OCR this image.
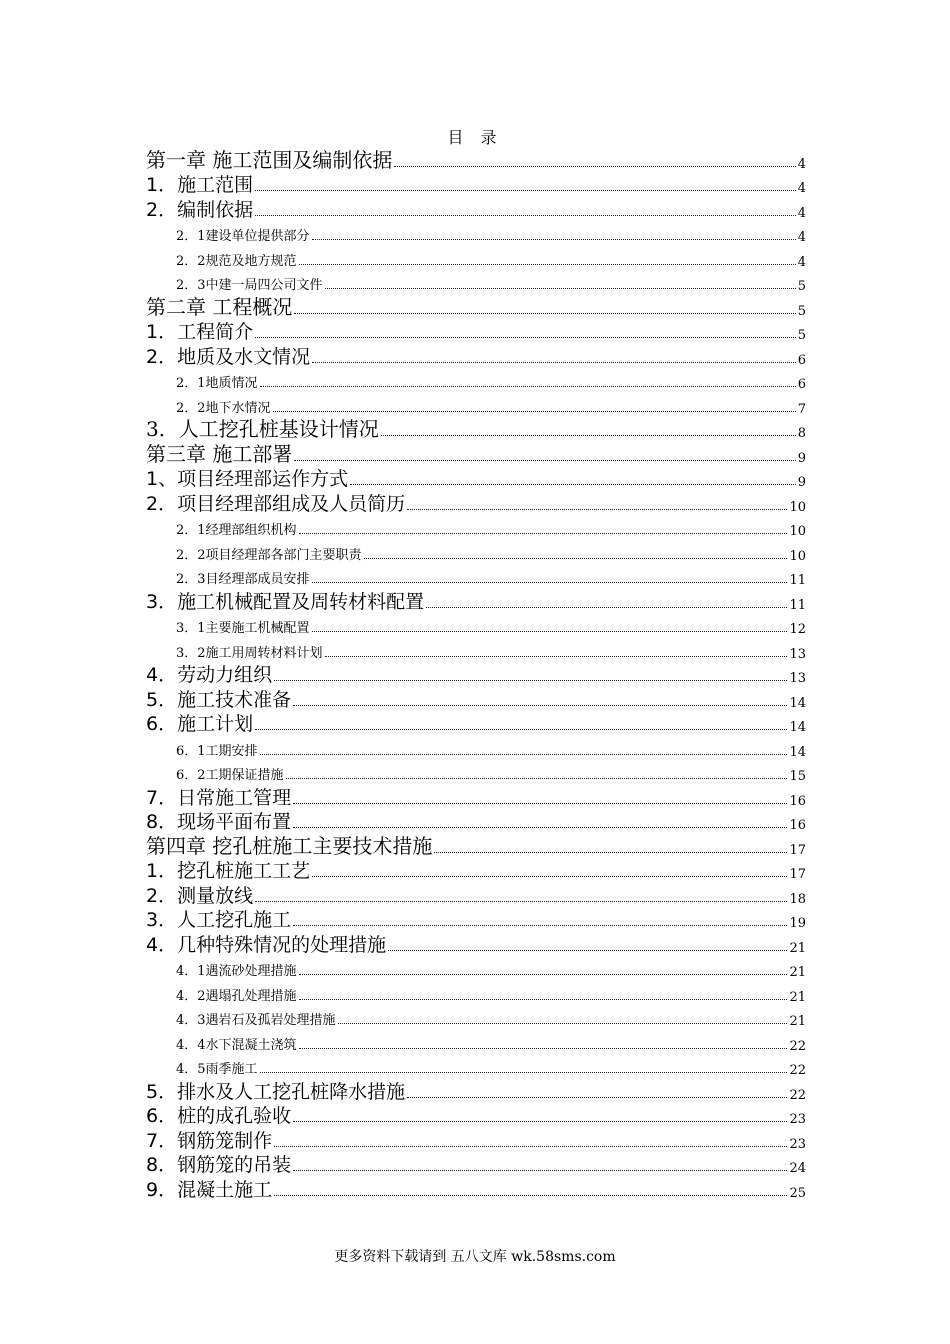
目 录
第一章 施工范围及编制依据	4
1．施工范围	4
2．编制依据	4
2．1建设单位提供部分	4
2．2规范及地方规范	4
2．3中建一局四公司文件	5
第二章 工程概况	5
1．工程简介	5
2．地质及水文情况	6
2．1地质情况	6
2．2地下水情况	7
3．人工挖孔桩基设计情况	8
第三章 施工部署	9
1、项目经理部运作方式	9
2．项目经理部组成及人员简历	10
2．1经理部组织机构	10
2．2项目经理部各部门主要职责	10
2．3目经理部成员安排	11
3．施工机械配置及周转材料配置	11
3．1主要施工机械配置	12
3．2施工用周转材料计划	13
4．劳动力组织	13
5．施工技术准备	14
6．施工计划	14
6．1工期安排	14
6．2工期保证措施	15
7．日常施工管理	16
8．现场平面布置	16
第四章 挖孔桩施工主要技术措施	17
1．挖孔桩施工工艺	17
2．测量放线	18
3．人工挖孔施工	19
4．几种特殊情况的处理措施	21
4．1遇流砂处理措施	21
4．2遇塌孔处理措施	21
4．3遇岩石及孤岩处理措施	21
4．4水下混凝土浇筑	22
4．5雨季施工	22
5．排水及人工挖孔桩降水措施	22
6．桩的成孔验收	23
7．钢筋笼制作	23
8．钢筋笼的吊装	24
9．混凝土施工	25
更多资料下载请到 五八文库 wk.58sms.com
